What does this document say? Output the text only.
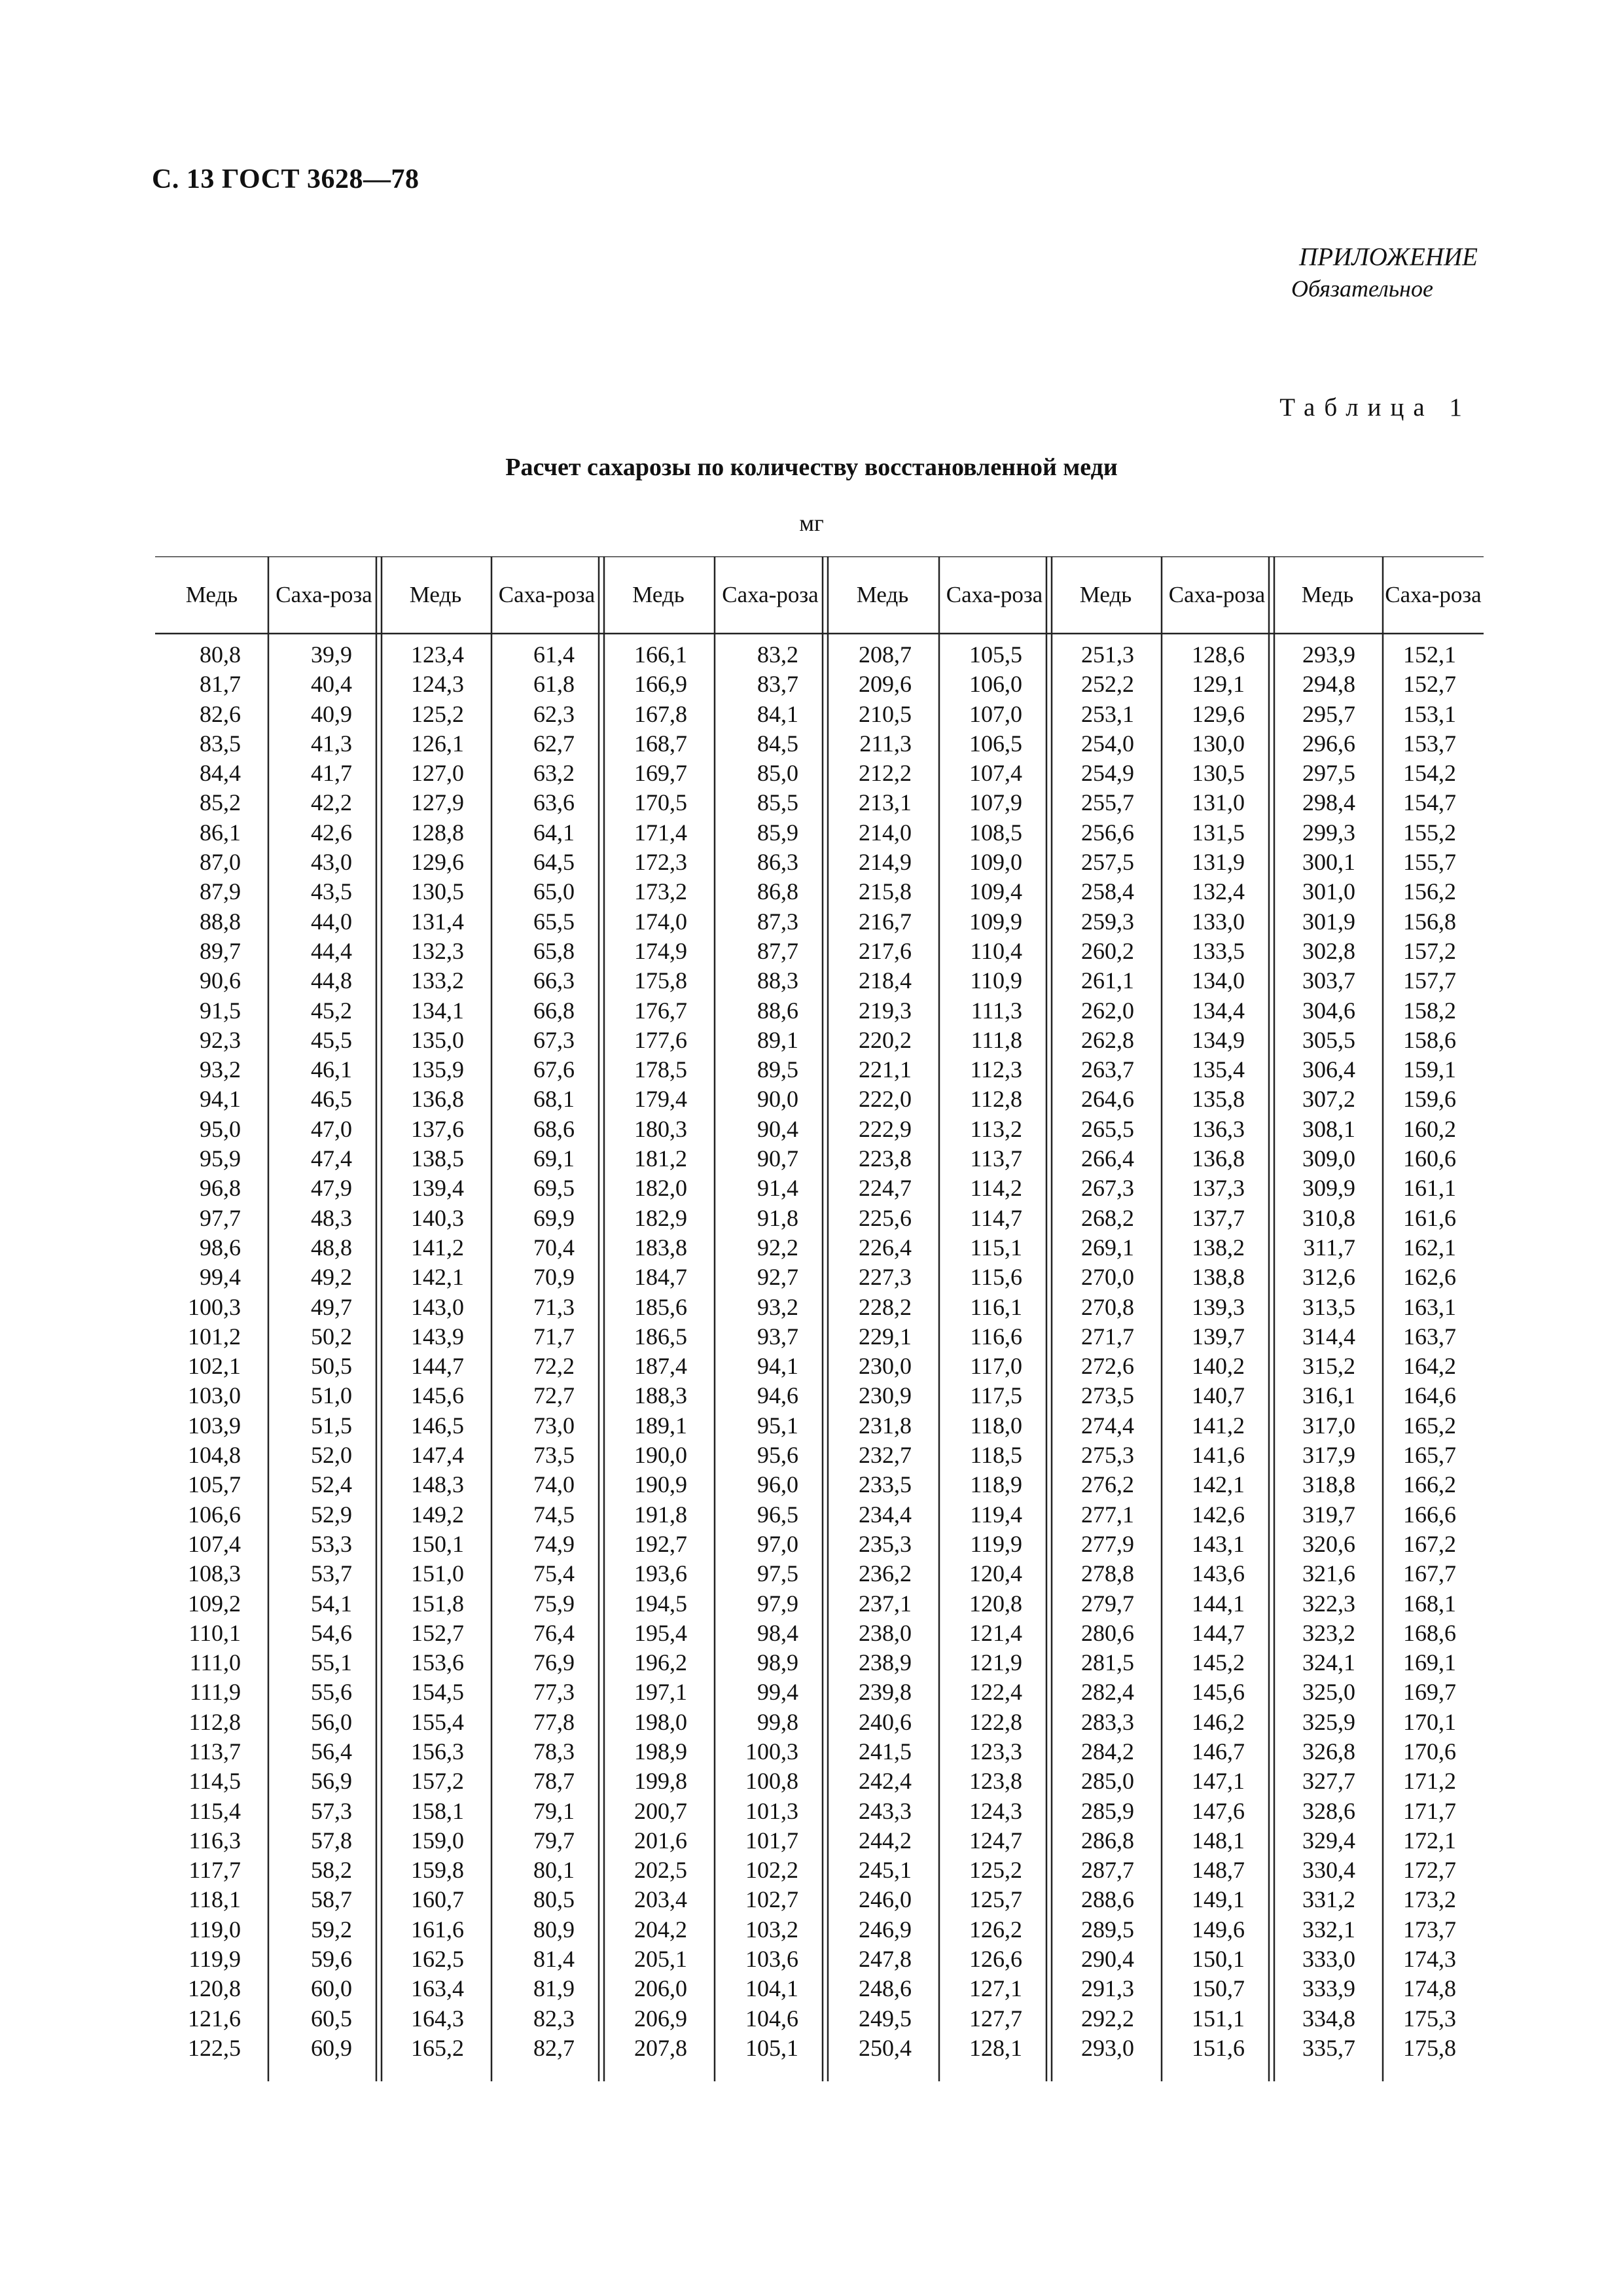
С. 13 ГОСТ 3628—78
ПРИЛОЖЕНИЕ
Обязательное
Таблица 1
Расчет сахарозы по количеству восстановленной меди
мг
Медь Саха- роза Медь Саха- роза Медь Саха- роза Медь Саха- роза Медь Саха- роза Медь Саха- роза
80,8
81,7
82,6
83,5
84,4
85,2
86,1
87,0
87,9
88,8
89,7
90,6
91,5
92,3
93,2
94,1
95,0
95,9
96,8
97,7
98,6
99,4
100,3
101,2
102,1
103,0
103,9
104,8
105,7
106,6
107,4
108,3
109,2
110,1
111,0
111,9
112,8
113,7
114,5
115,4
116,3
117,7
118,1
119,0
119,9
120,8
121,6
122,5
39,9
40,4
40,9
41,3
41,7
42,2
42,6
43,0
43,5
44,0
44,4
44,8
45,2
45,5
46,1
46,5
47,0
47,4
47,9
48,3
48,8
49,2
49,7
50,2
50,5
51,0
51,5
52,0
52,4
52,9
53,3
53,7
54,1
54,6
55,1
55,6
56,0
56,4
56,9
57,3
57,8
58,2
58,7
59,2
59,6
60,0
60,5
60,9
123,4
124,3
125,2
126,1
127,0
127,9
128,8
129,6
130,5
131,4
132,3
133,2
134,1
135,0
135,9
136,8
137,6
138,5
139,4
140,3
141,2
142,1
143,0
143,9
144,7
145,6
146,5
147,4
148,3
149,2
150,1
151,0
151,8
152,7
153,6
154,5
155,4
156,3
157,2
158,1
159,0
159,8
160,7
161,6
162,5
163,4
164,3
165,2
61,4
61,8
62,3
62,7
63,2
63,6
64,1
64,5
65,0
65,5
65,8
66,3
66,8
67,3
67,6
68,1
68,6
69,1
69,5
69,9
70,4
70,9
71,3
71,7
72,2
72,7
73,0
73,5
74,0
74,5
74,9
75,4
75,9
76,4
76,9
77,3
77,8
78,3
78,7
79,1
79,7
80,1
80,5
80,9
81,4
81,9
82,3
82,7
166,1
166,9
167,8
168,7
169,7
170,5
171,4
172,3
173,2
174,0
174,9
175,8
176,7
177,6
178,5
179,4
180,3
181,2
182,0
182,9
183,8
184,7
185,6
186,5
187,4
188,3
189,1
190,0
190,9
191,8
192,7
193,6
194,5
195,4
196,2
197,1
198,0
198,9
199,8
200,7
201,6
202,5
203,4
204,2
205,1
206,0
206,9
207,8
83,2
83,7
84,1
84,5
85,0
85,5
85,9
86,3
86,8
87,3
87,7
88,3
88,6
89,1
89,5
90,0
90,4
90,7
91,4
91,8
92,2
92,7
93,2
93,7
94,1
94,6
95,1
95,6
96,0
96,5
97,0
97,5
97,9
98,4
98,9
99,4
99,8
100,3
100,8
101,3
101,7
102,2
102,7
103,2
103,6
104,1
104,6
105,1
208,7
209,6
210,5
211,3
212,2
213,1
214,0
214,9
215,8
216,7
217,6
218,4
219,3
220,2
221,1
222,0
222,9
223,8
224,7
225,6
226,4
227,3
228,2
229,1
230,0
230,9
231,8
232,7
233,5
234,4
235,3
236,2
237,1
238,0
238,9
239,8
240,6
241,5
242,4
243,3
244,2
245,1
246,0
246,9
247,8
248,6
249,5
250,4
105,5
106,0
107,0
106,5
107,4
107,9
108,5
109,0
109,4
109,9
110,4
110,9
111,3
111,8
112,3
112,8
113,2
113,7
114,2
114,7
115,1
115,6
116,1
116,6
117,0
117,5
118,0
118,5
118,9
119,4
119,9
120,4
120,8
121,4
121,9
122,4
122,8
123,3
123,8
124,3
124,7
125,2
125,7
126,2
126,6
127,1
127,7
128,1
251,3
252,2
253,1
254,0
254,9
255,7
256,6
257,5
258,4
259,3
260,2
261,1
262,0
262,8
263,7
264,6
265,5
266,4
267,3
268,2
269,1
270,0
270,8
271,7
272,6
273,5
274,4
275,3
276,2
277,1
277,9
278,8
279,7
280,6
281,5
282,4
283,3
284,2
285,0
285,9
286,8
287,7
288,6
289,5
290,4
291,3
292,2
293,0
128,6
129,1
129,6
130,0
130,5
131,0
131,5
131,9
132,4
133,0
133,5
134,0
134,4
134,9
135,4
135,8
136,3
136,8
137,3
137,7
138,2
138,8
139,3
139,7
140,2
140,7
141,2
141,6
142,1
142,6
143,1
143,6
144,1
144,7
145,2
145,6
146,2
146,7
147,1
147,6
148,1
148,7
149,1
149,6
150,1
150,7
151,1
151,6
293,9
294,8
295,7
296,6
297,5
298,4
299,3
300,1
301,0
301,9
302,8
303,7
304,6
305,5
306,4
307,2
308,1
309,0
309,9
310,8
311,7
312,6
313,5
314,4
315,2
316,1
317,0
317,9
318,8
319,7
320,6
321,6
322,3
323,2
324,1
325,0
325,9
326,8
327,7
328,6
329,4
330,4
331,2
332,1
333,0
333,9
334,8
335,7
152,1
152,7
153,1
153,7
154,2
154,7
155,2
155,7
156,2
156,8
157,2
157,7
158,2
158,6
159,1
159,6
160,2
160,6
161,1
161,6
162,1
162,6
163,1
163,7
164,2
164,6
165,2
165,7
166,2
166,6
167,2
167,7
168,1
168,6
169,1
169,7
170,1
170,6
171,2
171,7
172,1
172,7
173,2
173,7
174,3
174,8
175,3
175,8
